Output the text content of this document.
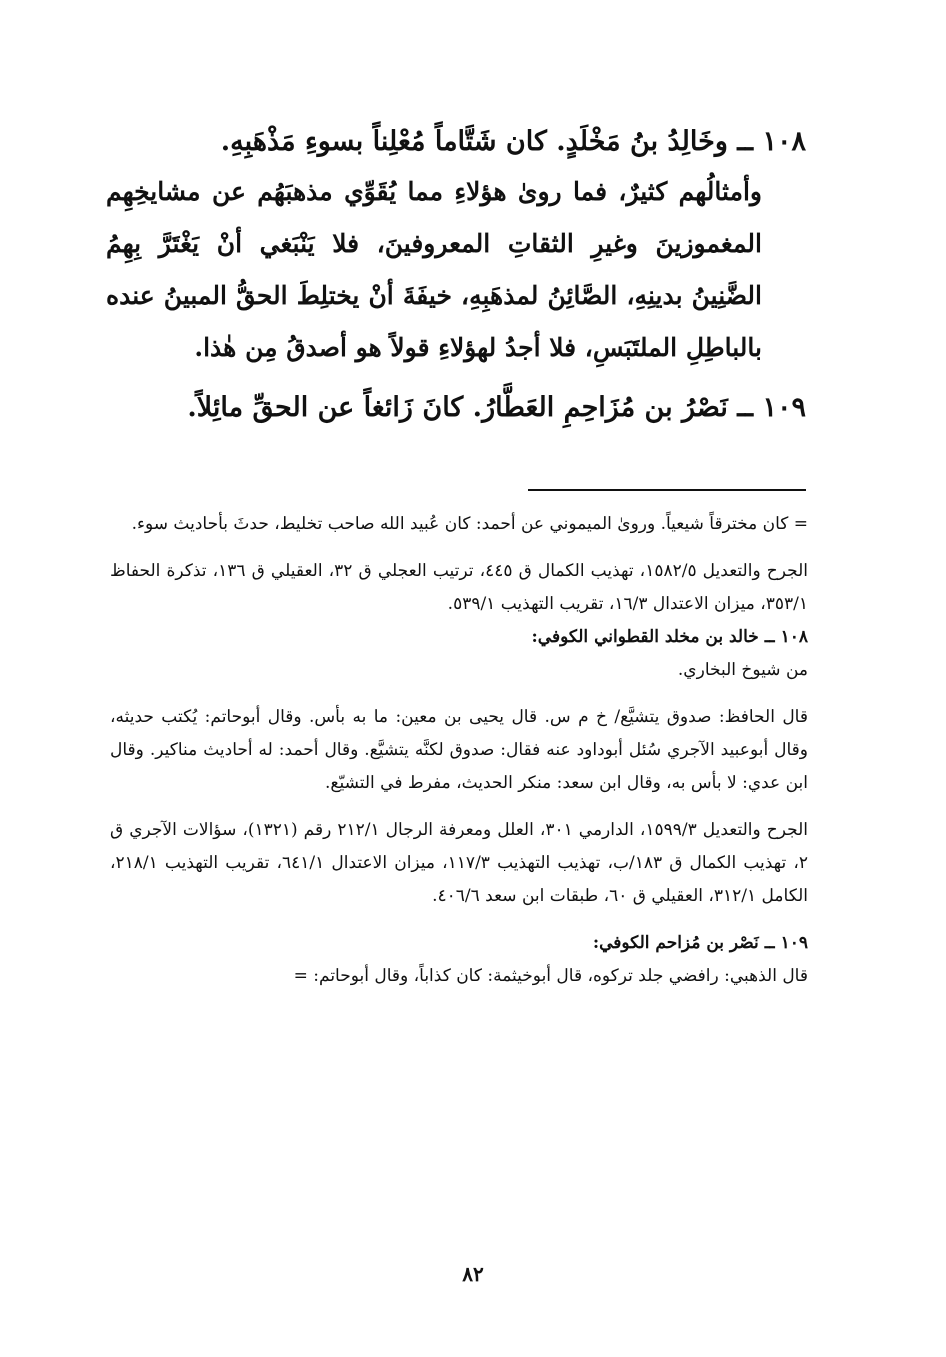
١٠٨ ــ وخَالِدُ بنُ مَخْلَدٍ. كان شَتَّاماً مُعْلِناً بسوءِ مَذْهَبِهِ.

وأمثالُهم كثيرٌ، فما روىٰ هؤلاءِ مما يُقَوِّي مذهبَهُم عن مشايخِهِم المغموزينَ وغيرِ الثقاتِ المعروفينَ، فلا يَنْبَغي أنْ يَغْتَرَّ بِهِمُ الضَّنِينُ بدينِهِ، الصَّائِنُ لمذهَبِهِ، خيفَةَ أنْ يختلِطَ الحقُّ المبينُ عنده بالباطِلِ الملتَبَسِ، فلا أجدُ لهؤلاءِ قولاً هو أصدقُ مِن هٰذا.

١٠٩ ــ نَصْرُ بن مُزَاحِمِ العَطَّارُ. كانَ زَائغاً عن الحقِّ مائِلاً.

= كان مخترقاً شيعياً. وروىٰ الميموني عن أحمد: كان عُبيد الله صاحب تخليط، حدثَ بأحاديث سوء.

الجرح والتعديل ١٥٨٢/٥، تهذيب الكمال ق ٤٤٥، ترتيب العجلي ق ٣٢، العقيلي ق ١٣٦، تذكرة الحفاظ ٣٥٣/١، ميزان الاعتدال ١٦/٣، تقريب التهذيب ٥٣٩/١.

١٠٨ ــ خالد بن مخلد القطواني الكوفي:

من شيوخ البخاري.

قال الحافظ: صدوق يتشيَّع/ خ م س. قال يحيى بن معين: ما به بأس. وقال أبوحاتم: يُكتب حديثه، وقال أبوعبيد الآجري سُئل أبوداود عنه فقال: صدوق لكنَّه يتشيَّع. وقال أحمد: له أحاديث مناكير. وقال ابن عدي: لا بأس به، وقال ابن سعد: منكر الحديث، مفرط في التشيّع.

الجرح والتعديل ١٥٩٩/٣، الدارمي ٣٠١، العلل ومعرفة الرجال ٢١٢/١ رقم (١٣٢١)، سؤالات الآجري ق ٢، تهذيب الكمال ق ١٨٣/ب، تهذيب التهذيب ١١٧/٣، ميزان الاعتدال ٦٤١/١، تقريب التهذيب ٢١٨/١، الكامل ٣١٢/١، العقيلي ق ٦٠، طبقات ابن سعد ٤٠٦/٦.

١٠٩ ــ نَصْر بن مُزاحم الكوفي:

قال الذهبي: رافضي جلد تركوه، قال أبوخيثمة: كان كذاباً، وقال أبوحاتم: =

٨٢
